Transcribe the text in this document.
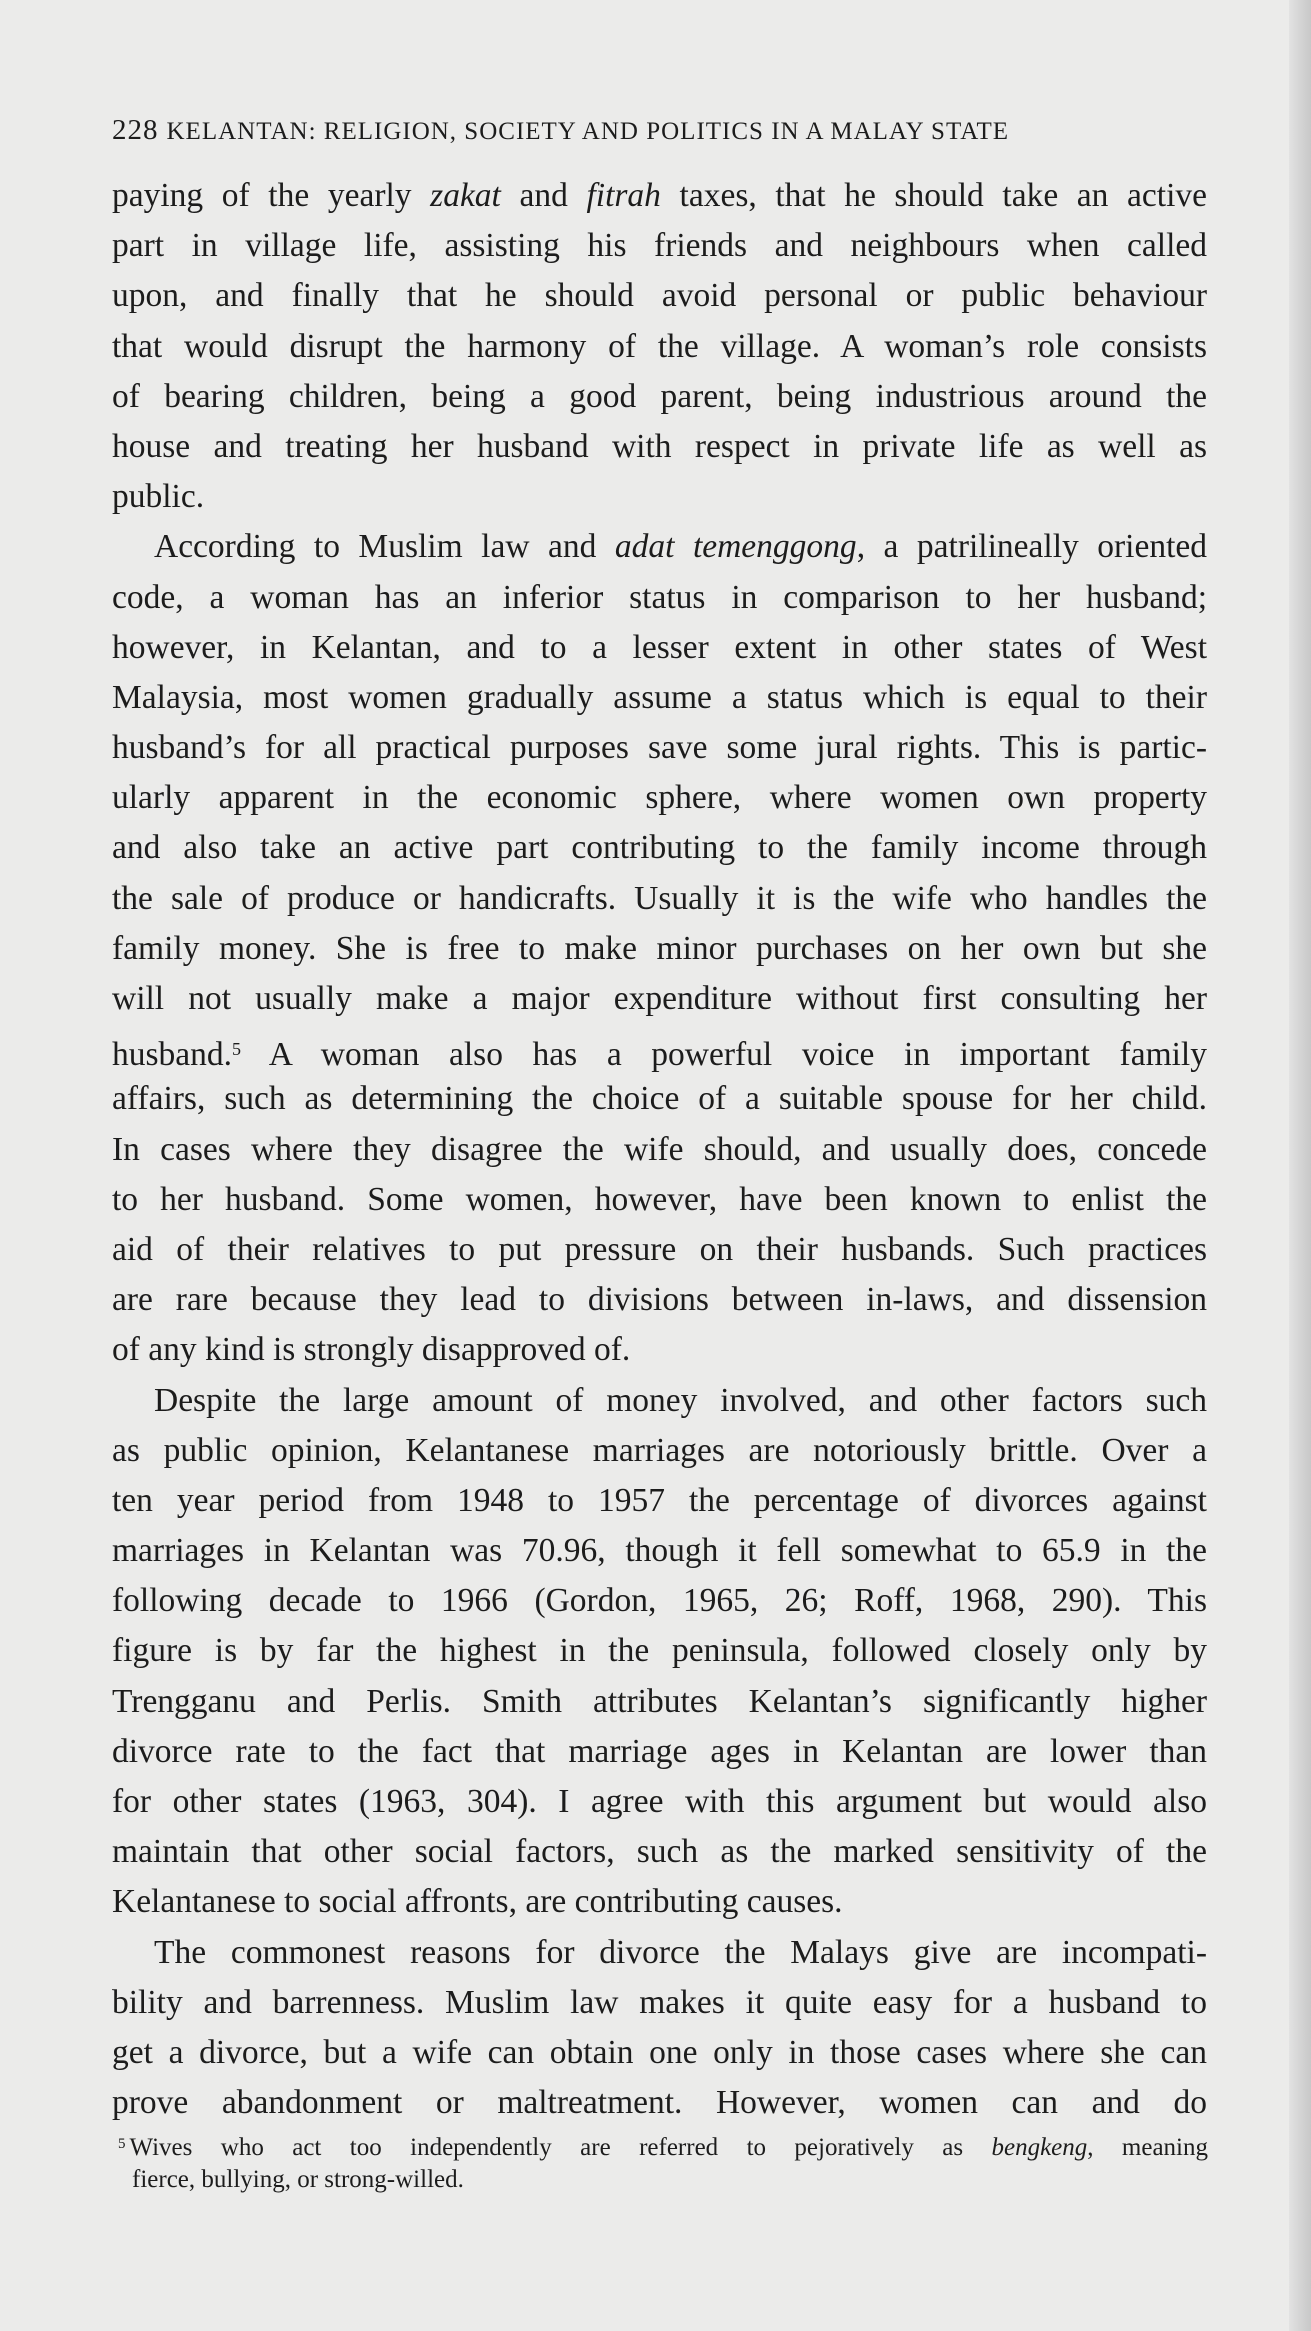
228 KELANTAN: RELIGION, SOCIETY AND POLITICS IN A MALAY STATE
paying of the yearly zakat and fitrah taxes, that he should take an active
part in village life, assisting his friends and neighbours when called
upon, and finally that he should avoid personal or public behaviour
that would disrupt the harmony of the village. A woman’s role consists
of bearing children, being a good parent, being industrious around the
house and treating her husband with respect in private life as well as
public.
According to Muslim law and adat temenggong, a patrilineally oriented
code, a woman has an inferior status in comparison to her husband;
however, in Kelantan, and to a lesser extent in other states of West
Malaysia, most women gradually assume a status which is equal to their
husband’s for all practical purposes save some jural rights. This is partic-
ularly apparent in the economic sphere, where women own property
and also take an active part contributing to the family income through
the sale of produce or handicrafts. Usually it is the wife who handles the
family money. She is free to make minor purchases on her own but she
will not usually make a major expenditure without first consulting her
husband.$^5$ A woman also has a powerful voice in important family
affairs, such as determining the choice of a suitable spouse for her child.
In cases where they disagree the wife should, and usually does, concede
to her husband. Some women, however, have been known to enlist the
aid of their relatives to put pressure on their husbands. Such practices
are rare because they lead to divisions between in-laws, and dissension
of any kind is strongly disapproved of.
Despite the large amount of money involved, and other factors such
as public opinion, Kelantanese marriages are notoriously brittle. Over a
ten year period from 1948 to 1957 the percentage of divorces against
marriages in Kelantan was 70.96, though it fell somewhat to 65.9 in the
following decade to 1966 (Gordon, 1965, 26; Roff, 1968, 290). This
figure is by far the highest in the peninsula, followed closely only by
Trengganu and Perlis. Smith attributes Kelantan’s significantly higher
divorce rate to the fact that marriage ages in Kelantan are lower than
for other states (1963, 304). I agree with this argument but would also
maintain that other social factors, such as the marked sensitivity of the
Kelantanese to social affronts, are contributing causes.
The commonest reasons for divorce the Malays give are incompati-
bility and barrenness. Muslim law makes it quite easy for a husband to
get a divorce, but a wife can obtain one only in those cases where she can
prove abandonment or maltreatment. However, women can and do
$^5$ Wives who act too independently are referred to pejoratively as bengkeng, meaning
fierce, bullying, or strong-willed.
